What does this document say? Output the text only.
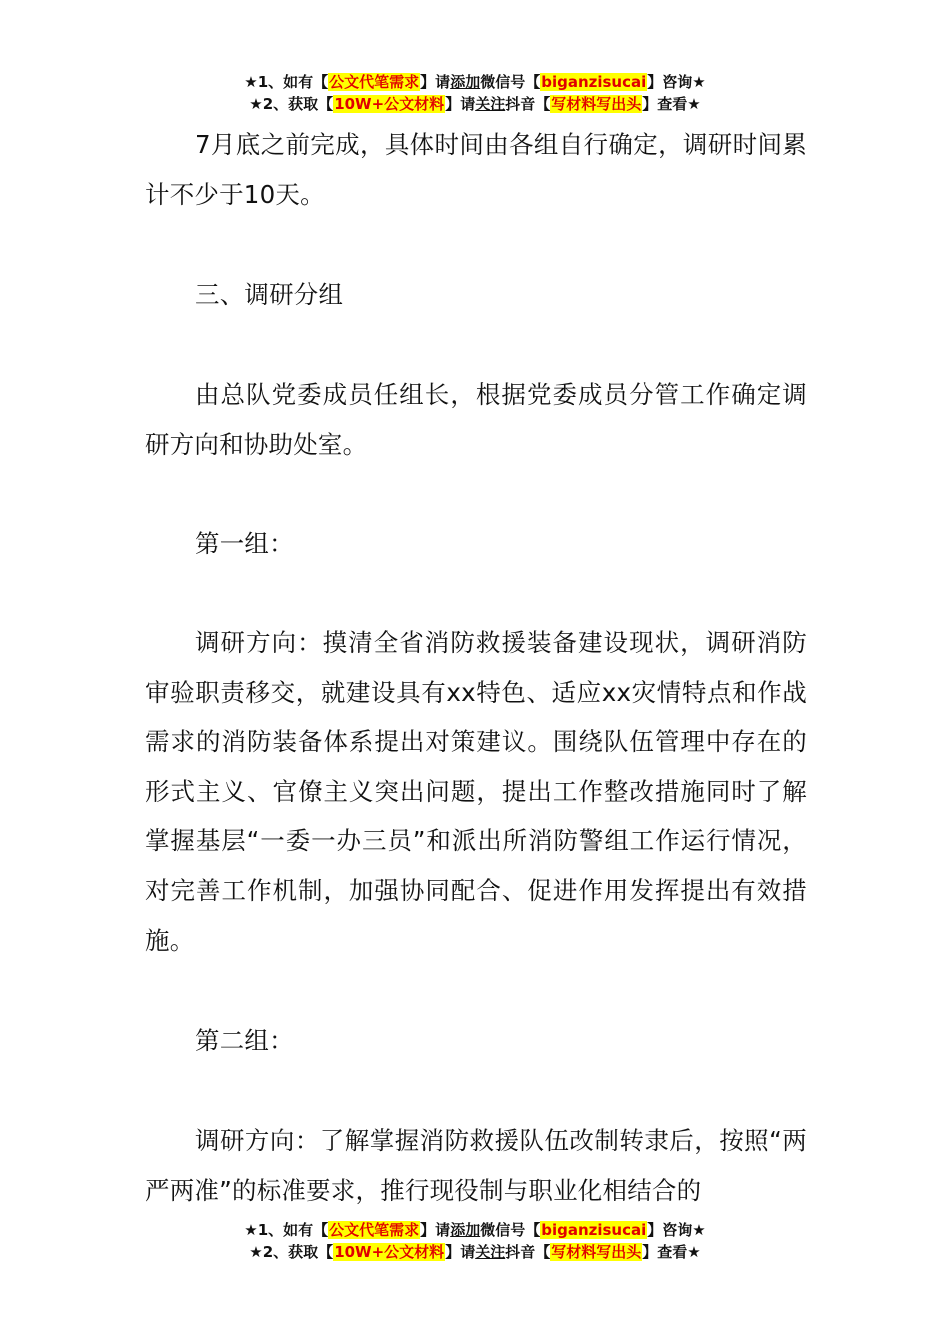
★1、如有【公文代笔需求】请添加微信号【biganzisucai】咨询★
★2、获取【10W+公文材料】请关注抖音【写材料写出头】查看★

7月底之前完成，具体时间由各组自行确定，调研时间累计不少于10天。

三、调研分组

由总队党委成员任组长，根据党委成员分管工作确定调研方向和协助处室。

第一组：

调研方向：摸清全省消防救援装备建设现状，调研消防审验职责移交，就建设具有xx特色、适应xx灾情特点和作战需求的消防装备体系提出对策建议。围绕队伍管理中存在的形式主义、官僚主义突出问题，提出工作整改措施同时了解掌握基层“一委一办三员”和派出所消防警组工作运行情况，对完善工作机制，加强协同配合、促进作用发挥提出有效措施。

第二组：

调研方向：了解掌握消防救援队伍改制转隶后，按照“两严两准”的标准要求，推行现役制与职业化相结合的

★1、如有【公文代笔需求】请添加微信号【biganzisucai】咨询★
★2、获取【10W+公文材料】请关注抖音【写材料写出头】查看★
